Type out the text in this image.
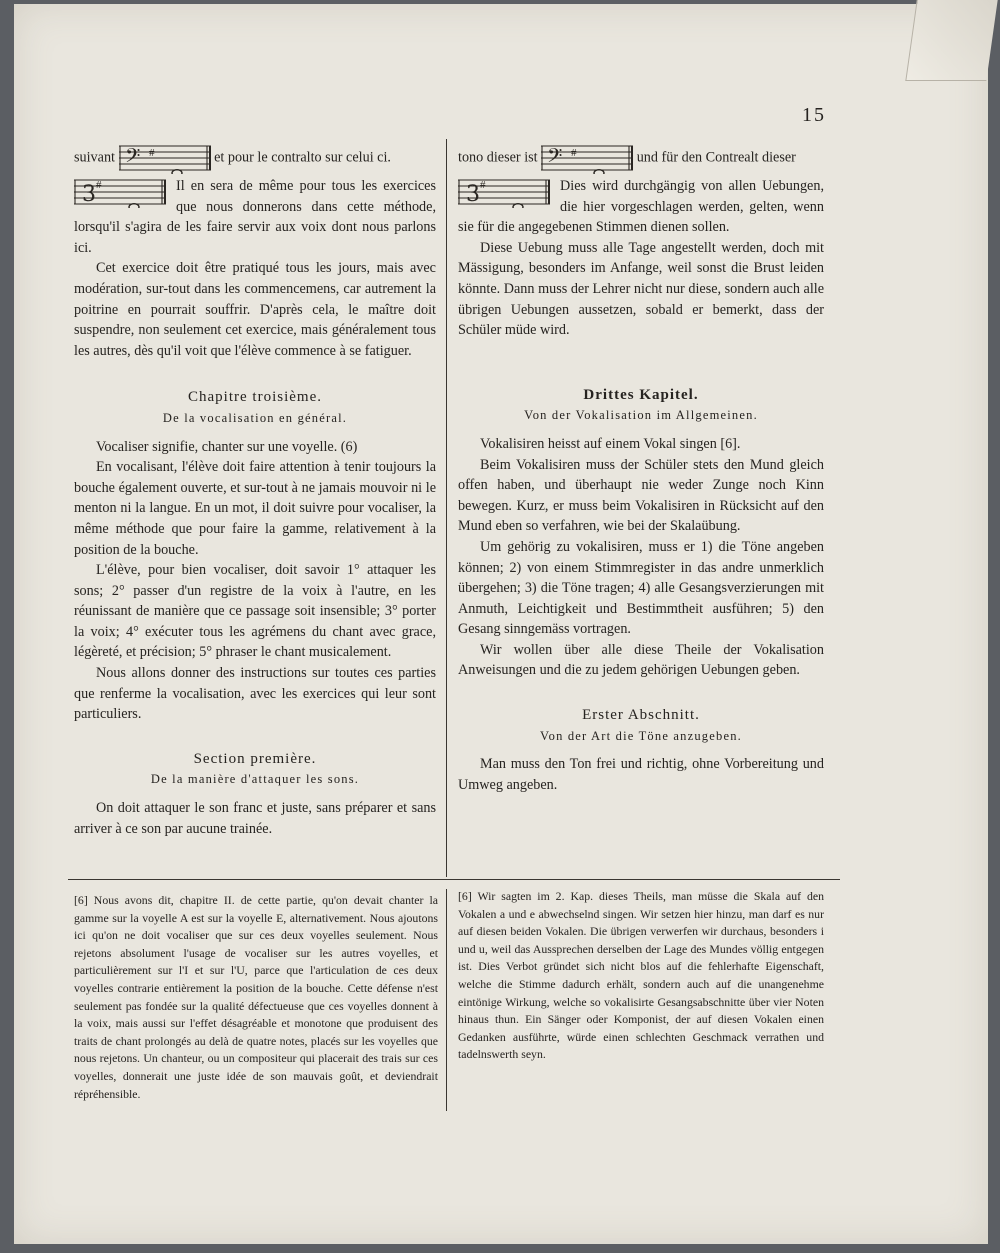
15

suivant 𝄢 #	et pour le contralto sur celui ci.

3 #	Il en sera de même pour tous les exercices que nous donnerons dans cette méthode, lorsqu'il s'agira de les faire servir aux voix dont nous parlons ici.

Cet exercice doit être pratiqué tous les jours, mais avec modération, sur-tout dans les commencemens, car autrement la poitrine en pourrait souffrir. D'après cela, le maître doit suspendre, non seulement cet exercice, mais généralement tous les autres, dès qu'il voit que l'élève commence à se fatiguer.

Chapitre troisième.
De la vocalisation en général.

Vocaliser signifie, chanter sur une voyelle. (6)

En vocalisant, l'élève doit faire attention à tenir toujours la bouche également ouverte, et sur-tout à ne jamais mouvoir ni le menton ni la langue. En un mot, il doit suivre pour vocaliser, la même méthode que pour faire la gamme, relativement à la position de la bouche.

L'élève, pour bien vocaliser, doit savoir 1° attaquer les sons; 2° passer d'un registre de la voix à l'autre, en les réunissant de manière que ce passage soit insensible; 3° porter la voix; 4° exécuter tous les agrémens du chant avec grace, légèreté, et précision; 5° phraser le chant musicalement.

Nous allons donner des instructions sur toutes ces parties que renferme la vocalisation, avec les exercices qui leur sont particuliers.

Section première.
De la manière d'attaquer les sons.

On doit attaquer le son franc et juste, sans préparer et sans arriver à ce son par aucune trainée.

tono dieser ist 𝄢 #	und für den Contrealt dieser

3 #	Dies wird durchgängig von allen Uebungen, die hier vorgeschlagen werden, gelten, wenn sie für die angegebenen Stimmen dienen sollen.

Diese Uebung muss alle Tage angestellt werden, doch mit Mässigung, besonders im Anfange, weil sonst die Brust leiden könnte. Dann muss der Lehrer nicht nur diese, sondern auch alle übrigen Uebungen aussetzen, sobald er bemerkt, dass der Schüler müde wird.

Drittes Kapitel.
Von der Vokalisation im Allgemeinen.

Vokalisiren heisst auf einem Vokal singen [6].

Beim Vokalisiren muss der Schüler stets den Mund gleich offen haben, und überhaupt nie weder Zunge noch Kinn bewegen. Kurz, er muss beim Vokalisiren in Rücksicht auf den Mund eben so verfahren, wie bei der Skalaübung.

Um gehörig zu vokalisiren, muss er 1) die Töne angeben können; 2) von einem Stimmregister in das andre unmerklich übergehen; 3) die Töne tragen; 4) alle Gesangsverzierungen mit Anmuth, Leichtigkeit und Bestimmtheit ausführen; 5) den Gesang sinngemäss vortragen.

Wir wollen über alle diese Theile der Vokalisation Anweisungen und die zu jedem gehörigen Uebungen geben.

Erster Abschnitt.
Von der Art die Töne anzugeben.

Man muss den Ton frei und richtig, ohne Vorbereitung und Umweg angeben.

[6] Nous avons dit, chapitre II. de cette partie, qu'on devait chanter la gamme sur la voyelle A est sur la voyelle E, alternativement. Nous ajoutons ici qu'on ne doit vocaliser que sur ces deux voyelles seulement. Nous rejetons absolument l'usage de vocaliser sur les autres voyelles, et particulièrement sur l'I et sur l'U, parce que l'articulation de ces deux voyelles contrarie entièrement la position de la bouche. Cette défense n'est seulement pas fondée sur la qualité défectueuse que ces voyelles donnent à la voix, mais aussi sur l'effet désagréable et monotone que produisent des traits de chant prolongés au delà de quatre notes, placés sur les voyelles que nous rejetons. Un chanteur, ou un compositeur qui placerait des trais sur ces voyelles, donnerait une juste idée de son mauvais goût, et deviendrait répréhensible.
[6] Wir sagten im 2. Kap. dieses Theils, man müsse die Skala auf den Vokalen a und e abwechselnd singen. Wir setzen hier hinzu, man darf es nur auf diesen beiden Vokalen. Die übrigen verwerfen wir durchaus, besonders i und u, weil das Aussprechen derselben der Lage des Mundes völlig entgegen ist. Dies Verbot gründet sich nicht blos auf die fehlerhafte Eigenschaft, welche die Stimme dadurch erhält, sondern auch auf die unangenehme eintönige Wirkung, welche so vokalisirte Gesangsabschnitte über vier Noten hinaus thun. Ein Sänger oder Komponist, der auf diesen Vokalen einen Gedanken ausführte, würde einen schlechten Geschmack verrathen und tadelnswerth seyn.
